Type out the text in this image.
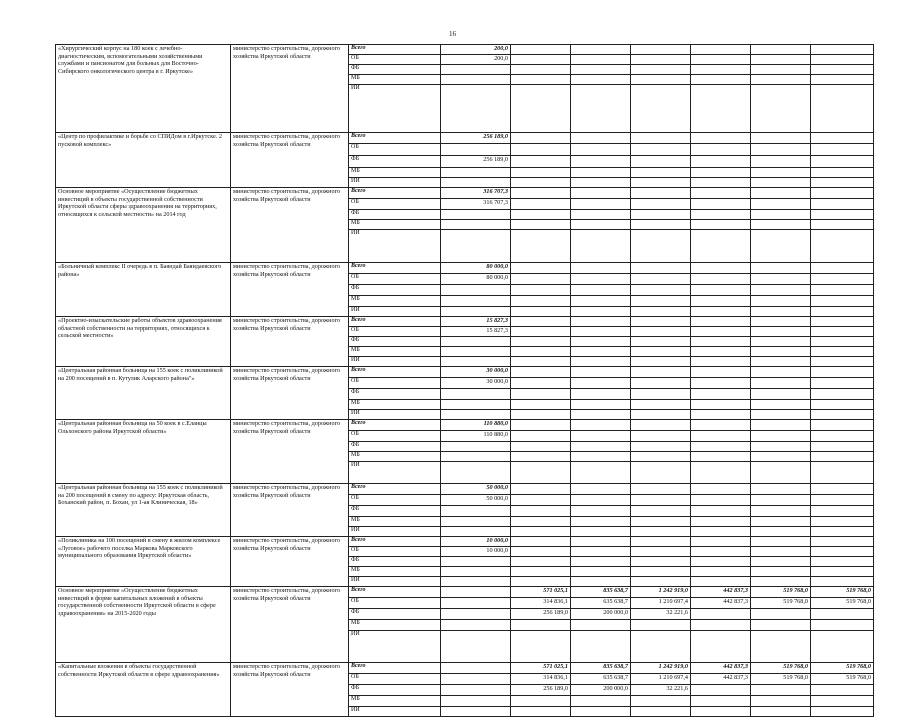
16
«Хирургический корпус на 180 коек с лечебно-диагностическим, вспомогательными хозяйственными службами и пансионатом для больных для Восточно-Сибирского онкологического центра в г. Иркутске»	министерство строительства, дорожного хозяйства Иркутской области	Всего	200,0						
		ОБ	200,0						
		ФБ							
		МБ							
		ИИ							
«Центр по профилактике и борьбе со СПИДом в г.Иркутске. 2 пусковой комплекс»	министерство строительства, дорожного хозяйства Иркутской области	Всего	256 189,0						
		ОБ							
		ФБ	256 189,0						
		МБ							
		ИИ							
Основное мероприятие «Осуществление бюджетных инвестиций в объекты государственной собственности Иркутской области сферы здравоохранения на территориях, относящихся к сельской местности» на 2014 год	министерство строительства, дорожного хозяйства Иркутской области	Всего	316 707,3						
		ОБ	316 707,3						
		ФБ							
		МБ							
		ИИ							
«Больничный комплекс II очередь в п. Баяндай Баяндаевского района»	министерство строительства, дорожного хозяйства Иркутской области	Всего	80 000,0						
		ОБ	80 000,0						
		ФБ							
		МБ							
		ИИ							
«Проектно-изыскательские работы объектов здравоохранения областной собственности на территориях, относящихся к сельской местности»	министерство строительства, дорожного хозяйства Иркутской области	Всего	15 827,3						
		ОБ	15 827,3						
		ФБ							
		МБ							
		ИИ							
«Центральная районная больница на 155 коек с поликлиникой на 200 посещений в п. Кутулик Аларского района"»	министерство строительства, дорожного хозяйства Иркутской области	Всего	30 000,0						
		ОБ	30 000,0						
		ФБ							
		МБ							
		ИИ							
«Центральная районная больница на 50 коек в с.Еланцы Ольхонского района Иркутской области»	министерство строительства, дорожного хозяйства Иркутской области	Всего	110 880,0						
		ОБ	110 880,0						
		ФБ							
		МБ							
		ИИ							
«Центральная районная больница на 155 коек с поликлиникой на 200 посещений в смену по адресу: Иркутская область, Боханский район, п. Бохан, ул 1-ая Клиническая, 18»	министерство строительства, дорожного хозяйства Иркутской области	Всего	50 000,0						
		ОБ	50 000,0						
		ФБ							
		МБ							
		ИИ							
«Поликлиника на 100 посещений в смену в жилом комплексе «Луговое» рабочего поселка Маркова Марковского муниципального образования Иркутской области»	министерство строительства, дорожного хозяйства Иркутской области	Всего	10 000,0						
		ОБ	10 000,0						
		ФБ							
		МБ							
		ИИ							
Основное мероприятие «Осуществление бюджетных инвестиций в форме капитальных вложений в объекты государственной собственности Иркутской области в сфере здравоохранения» на 2015-2020 годы	министерство строительства, дорожного хозяйства Иркутской области	Всего		571 025,1	835 638,7	1 242 919,0	442 837,3	519 768,0	519 768,0
		ОБ		314 836,1	635 638,7	1 210 697,4	442 837,3	519 768,0	519 768,0
		ФБ		256 189,0	200 000,0	32 221,6			
		МБ							
		ИИ							
«Капитальные вложения в объекты государственной собственности Иркутской области в сфере здравоохранения»	министерство строительства, дорожного хозяйства Иркутской области	Всего		571 025,1	835 638,7	1 242 919,0	442 837,3	519 768,0	519 768,0
		ОБ		314 836,1	635 638,7	1 210 697,4	442 837,3	519 768,0	519 768,0
		ФБ		256 189,0	200 000,0	32 221,6			
		МБ							
		ИИ							
.	;
